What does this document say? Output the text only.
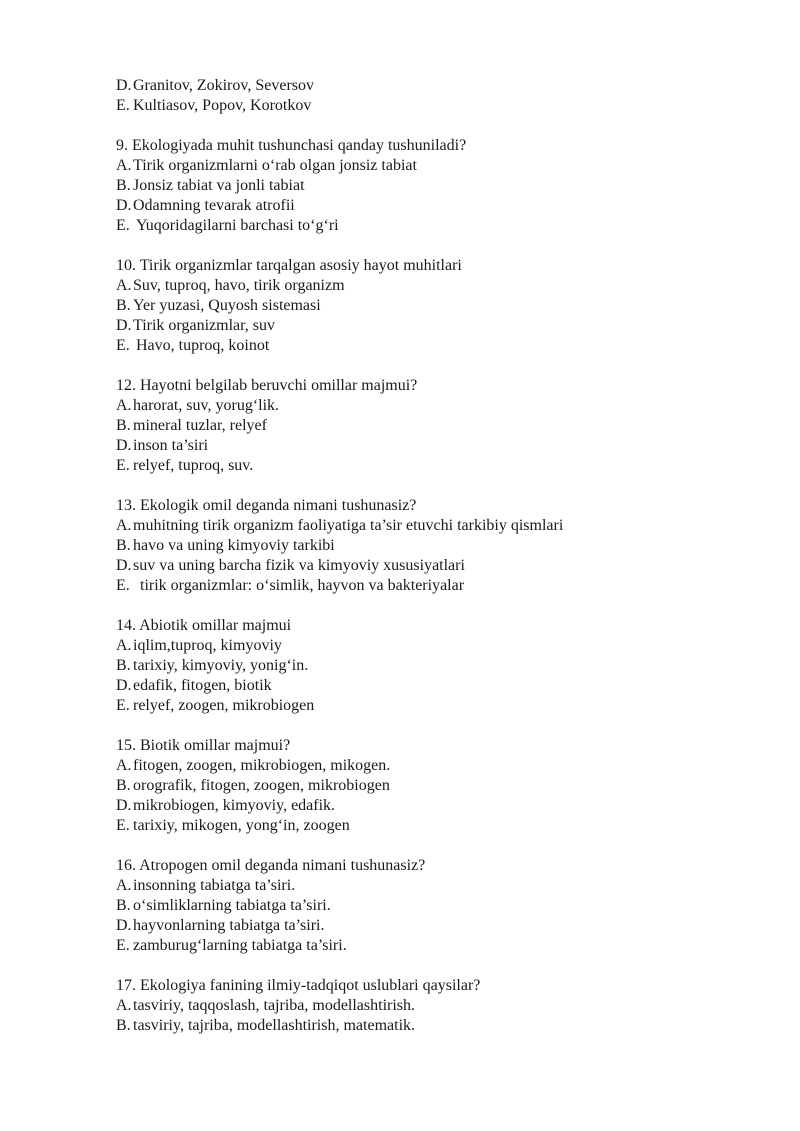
D.Granitov, Zokirov, Seversov
E. Kultiasov, Popov, Korotkov
9. Ekologiyada muhit tushunchasi qanday tushuniladi?
A.Tirik organizmlarni o‘rab olgan jonsiz tabiat
B. Jonsiz tabiat va jonli tabiat
D.Odamning tevarak atrofii
E. Yuqoridagilarni barchasi to‘g‘ri
10. Tirik organizmlar tarqalgan asosiy hayot muhitlari
A.Suv, tuproq, havo, tirik organizm
B. Yer yuzasi, Quyosh sistemasi
D.Tirik organizmlar, suv
E. Havo, tuproq, koinot
12. Hayotni belgilab beruvchi omillar majmui?
A.harorat, suv, yorug‘lik.
B. mineral tuzlar, relyef
D.inson ta’siri
E. relyef, tuproq, suv.
13. Ekologik omil deganda nimani tushunasiz?
A.muhitning tirik organizm faoliyatiga ta’sir etuvchi tarkibiy qismlari
B. havo va uning kimyoviy tarkibi
D.suv va uning barcha fizik va kimyoviy xususiyatlari
E. tirik organizmlar: o‘simlik, hayvon va bakteriyalar
14. Abiotik omillar majmui
A.iqlim,tuproq, kimyoviy
B. tarixiy, kimyoviy, yonig‘in.
D.edafik, fitogen, biotik
E. relyef, zoogen, mikrobiogen
15. Biotik omillar majmui?
A.fitogen, zoogen, mikrobiogen, mikogen.
B. orografik, fitogen, zoogen, mikrobiogen
D.mikrobiogen, kimyoviy, edafik.
E. tarixiy, mikogen, yong‘in, zoogen
16. Atropogen omil deganda nimani tushunasiz?
A.insonning tabiatga ta’siri.
B. o‘simliklarning tabiatga ta’siri.
D.hayvonlarning tabiatga ta’siri.
E. zamburug‘larning tabiatga ta’siri.
17. Ekologiya fanining ilmiy-tadqiqot uslublari qaysilar?
A.tasviriy, taqqoslash, tajriba, modellashtirish.
B. tasviriy, tajriba, modellashtirish, matematik.
